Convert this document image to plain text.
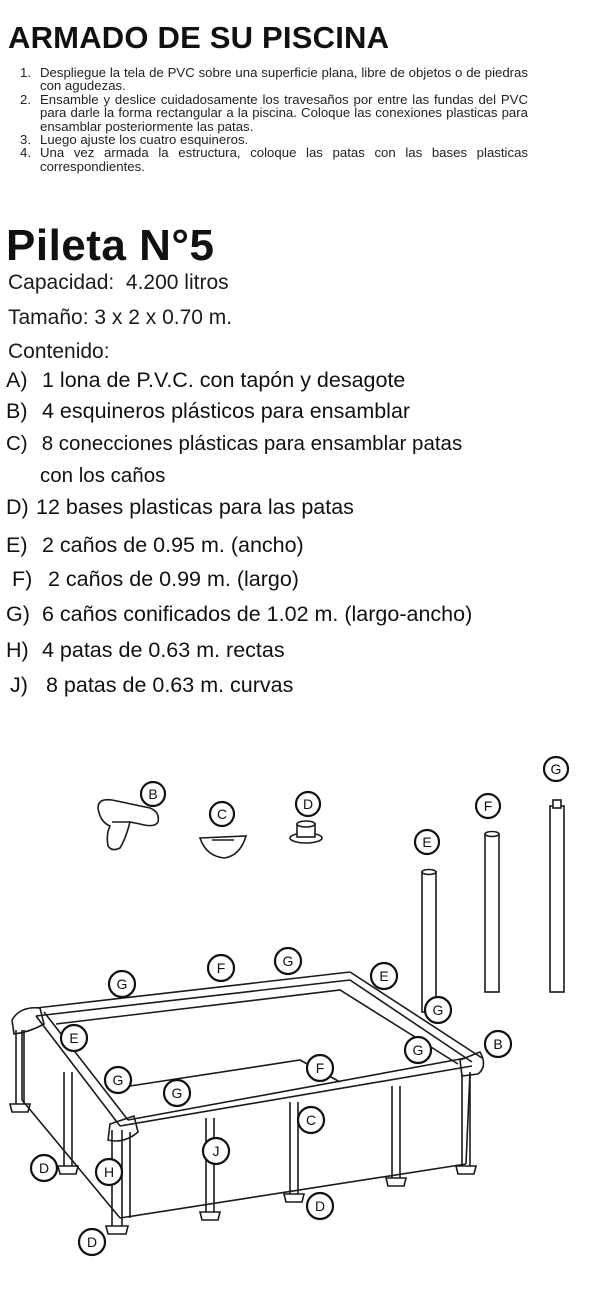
ARMADO DE SU PISCINA
1. Despliegue la tela de PVC sobre una superficie plana, libre de objetos o de piedras con agudezas.
2. Ensamble y deslice cuidadosamente los travesaños por entre las fundas del PVC para darle la forma rectangular a la piscina. Coloque las conexiones plasticas para ensamblar posteriormente las patas.
3. Luego ajuste los cuatro esquineros.
4. Una vez armada la estructura, coloque las patas con las bases plasticas correspondientes.
Pileta N°5

Capacidad: 4.200 litros

Tamaño: 3 x 2 x 0.70 m.

Contenido:

A) 1 lona de P.V.C. con tapón y desagote

B) 4 esquineros plásticos para ensamblar

C) 8 conecciones plásticas para ensamblar patas

con los caños

D) 12 bases plasticas para las patas

E) 2 caños de 0.95 m. (ancho)

F) 2 caños de 0.99 m. (largo)

G) 6 caños conificados de 1.02 m. (largo-ancho)

H) 4 patas de 0.63 m. rectas

J) 8 patas de 0.63 m. curvas

B
C
D
E
F
G
G
F	G
E
G
B
E
G
G
F
G
C
J
D	H
D
D
